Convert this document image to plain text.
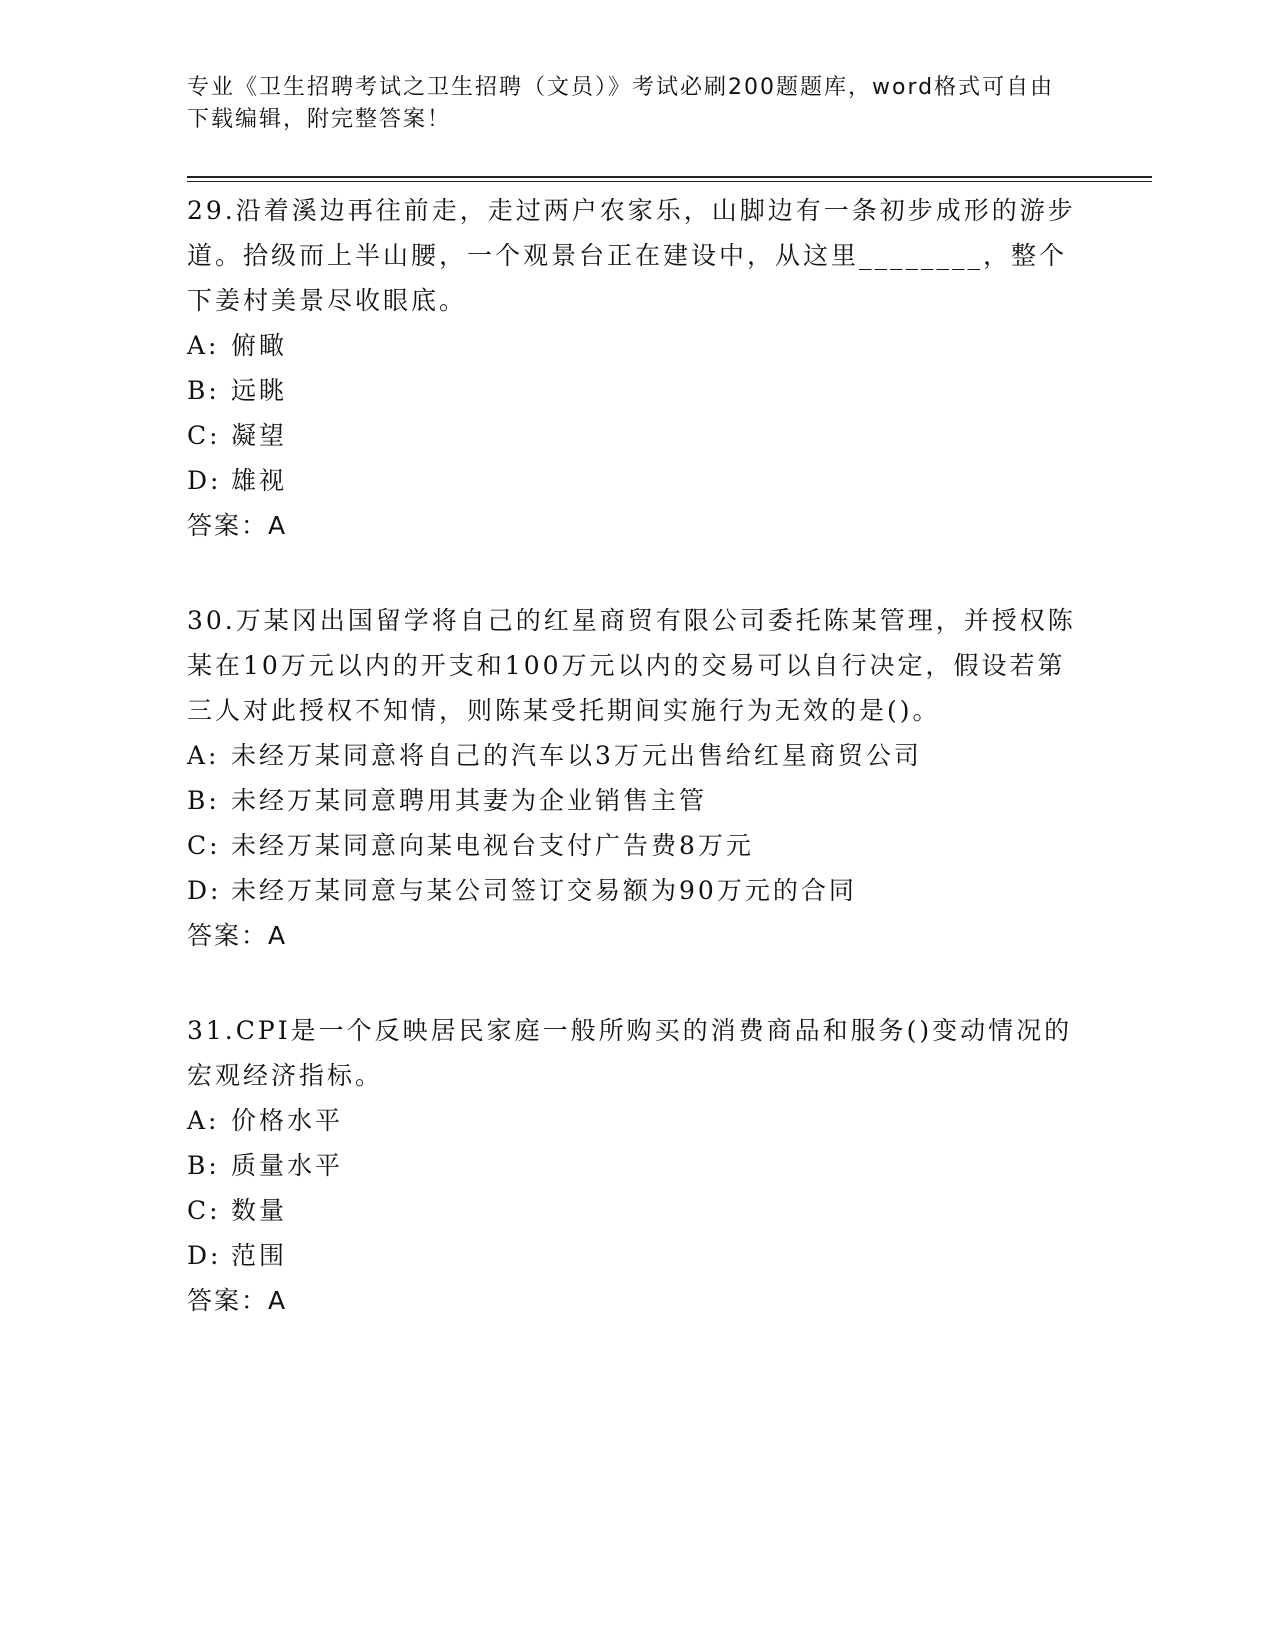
专业《卫生招聘考试之卫生招聘（文员）》考试必刷200题题库，word格式可自由下载编辑，附完整答案！

29.沿着溪边再往前走，走过两户农家乐，山脚边有一条初步成形的游步道。拾级而上半山腰，一个观景台正在建设中，从这里________，整个下姜村美景尽收眼底。

A: 俯瞰
B: 远眺
C: 凝望
D: 雄视
答案：A

30.万某冈出国留学将自己的红星商贸有限公司委托陈某管理，并授权陈某在10万元以内的开支和100万元以内的交易可以自行决定，假设若第三人对此授权不知情，则陈某受托期间实施行为无效的是()。

A: 未经万某同意将自己的汽车以3万元出售给红星商贸公司
B: 未经万某同意聘用其妻为企业销售主管
C: 未经万某同意向某电视台支付广告费8万元
D: 未经万某同意与某公司签订交易额为90万元的合同
答案：A

31.CPI是一个反映居民家庭一般所购买的消费商品和服务()变动情况的宏观经济指标。

A: 价格水平
B: 质量水平
C: 数量
D: 范围
答案：A
